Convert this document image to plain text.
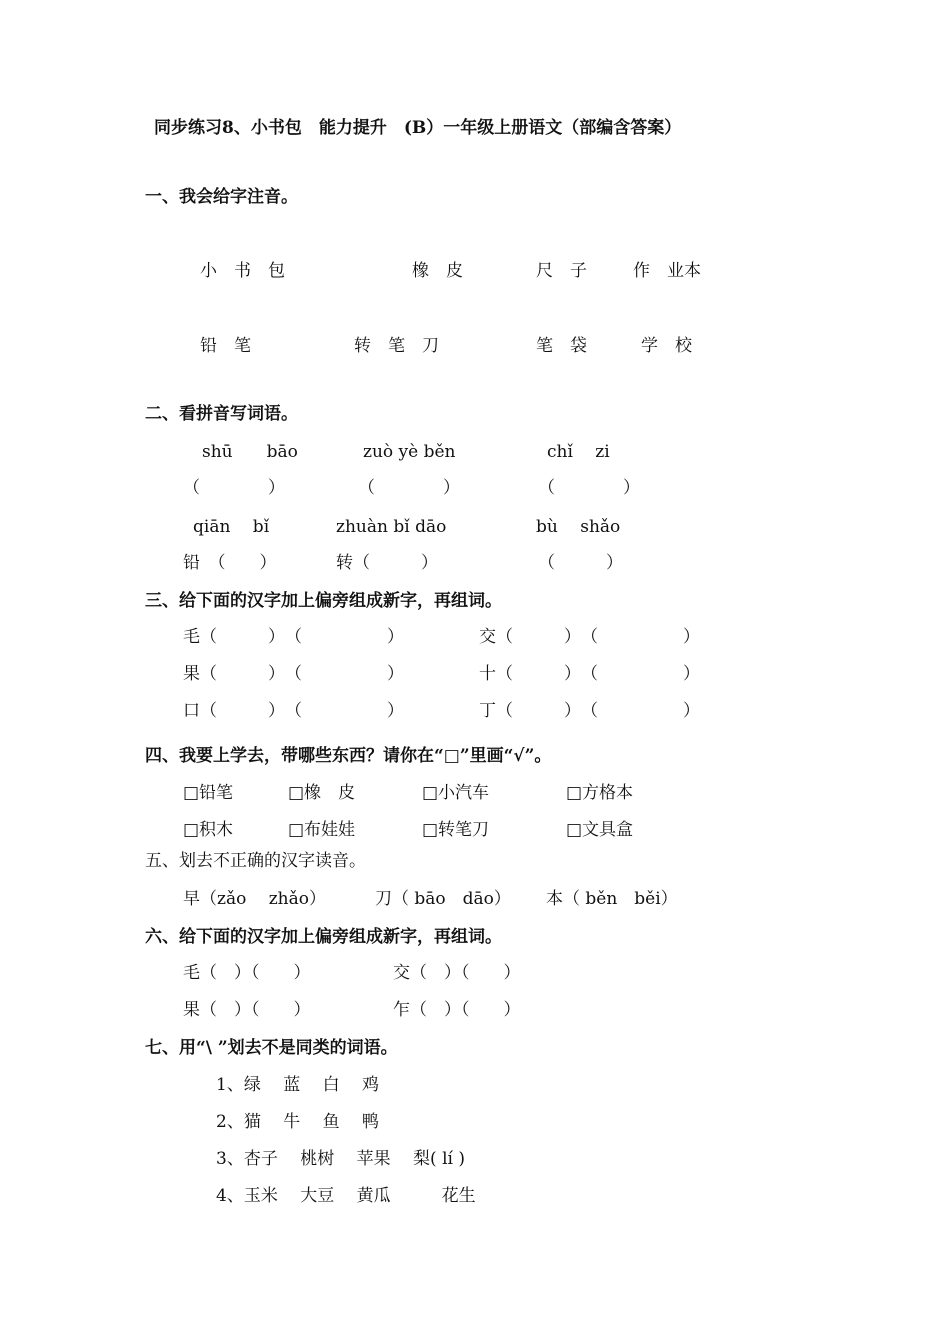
同步练习8、小书包　能力提升　(B）一年级上册语文（部编含答案）
一、我会给字注音。
小　书　包	橡　皮	尺　子	作　业本
铅　笔	转　笔　刀	笔　袋	学　校
二、看拼音写词语。
shū　　bāo	zuò yè běn	chǐ　 zi
（　　　　）	（　　　　）	（　　　　）
qiān　 bǐ	zhuàn bǐ dāo	bù　 shǎo
铅　（　　）	转（　　　）	（　　　）
三、给下面的汉字加上偏旁组成新字，再组词。
毛（　　　）　（　　　　　）	交（　　　）　（　　　　　）
果（　　　）　（　　　　　）	十（　　　）　（　　　　　）
口（　　　）　（　　　　　）	丁（　　　）　（　　　　　）
四、我要上学去，带哪些东西？请你在“□”里画“√”。
□铅笔	□橡　皮	□小汽车	□方格本
□积木	□布娃娃	□转笔刀	□文具盒
五、划去不正确的汉字读音。
早（zǎo　 zhǎo）	刀（ bāo　dāo） 本（ běn　běi）
六、给下面的汉字加上偏旁组成新字，再组词。
毛（　）（　　）	交（　）（　　）
果（　）（　　）	乍（　）（　　）
七、用“\ ”划去不是同类的词语。
1、绿　 蓝　 白　 鸡
2、猫　 牛　 鱼　 鸭
3、杏子　 桃树　 苹果　 梨( lí )
4、玉米　 大豆　 黄瓜　　　花生
